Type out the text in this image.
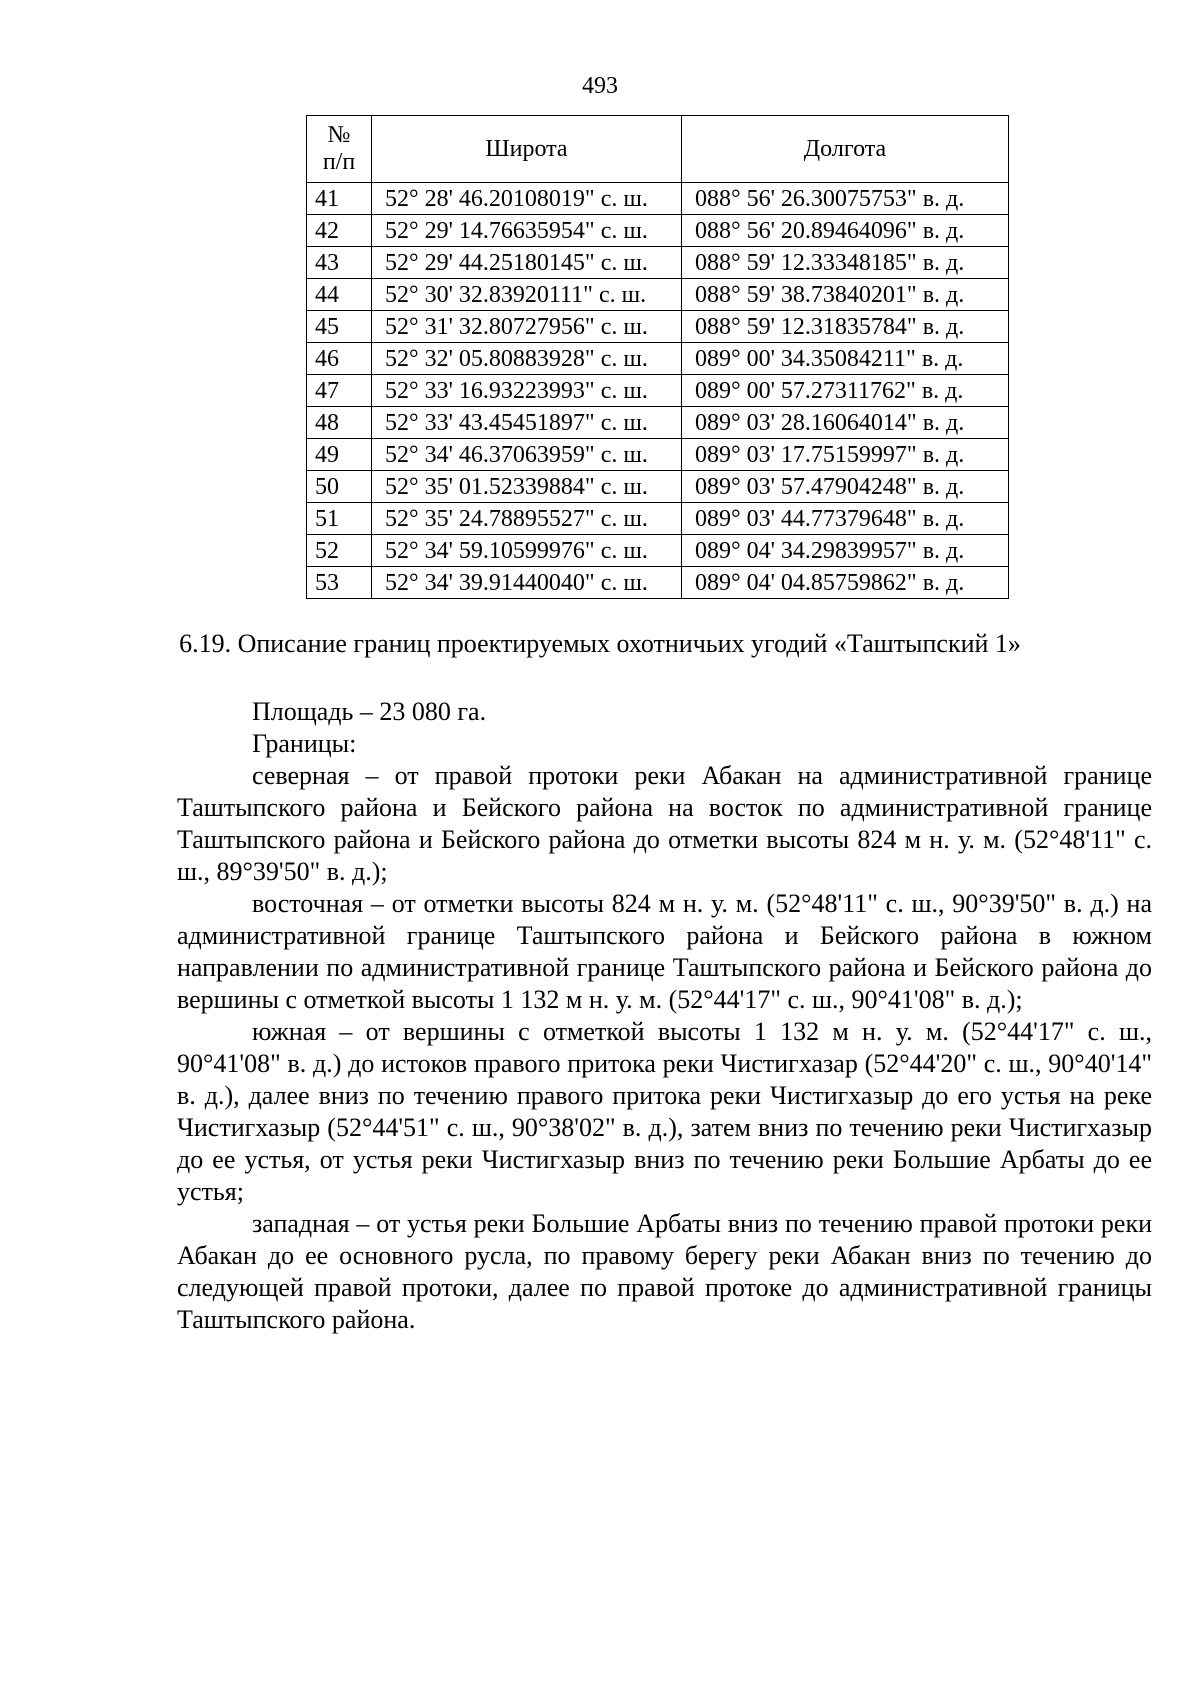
493
№
п/п	Широта	Долгота
41	52° 28' 46.20108019" с. ш.	088° 56' 26.30075753" в. д.
42	52° 29' 14.76635954" с. ш.	088° 56' 20.89464096" в. д.
43	52° 29' 44.25180145" с. ш.	088° 59' 12.33348185" в. д.
44	52° 30' 32.83920111" с. ш.	088° 59' 38.73840201" в. д.
45	52° 31' 32.80727956" с. ш.	088° 59' 12.31835784" в. д.
46	52° 32' 05.80883928" с. ш.	089° 00' 34.35084211" в. д.
47	52° 33' 16.93223993" с. ш.	089° 00' 57.27311762" в. д.
48	52° 33' 43.45451897" с. ш.	089° 03' 28.16064014" в. д.
49	52° 34' 46.37063959" с. ш.	089° 03' 17.75159997" в. д.
50	52° 35' 01.52339884" с. ш.	089° 03' 57.47904248" в. д.
51	52° 35' 24.78895527" с. ш.	089° 03' 44.77379648" в. д.
52	52° 34' 59.10599976" с. ш.	089° 04' 34.29839957" в. д.
53	52° 34' 39.91440040" с. ш.	089° 04' 04.85759862" в. д.
6.19. Описание границ проектируемых охотничьих угодий «Таштыпский 1»

Площадь – 23 080 га.

Границы:

северная – от правой протоки реки Абакан на административной границе Таштыпского района и Бейского района на восток по административной границе Таштыпского района и Бейского района до отметки высоты 824 м н. у. м. (52°48'11" с. ш., 89°39'50" в. д.);

восточная – от отметки высоты 824 м н. у. м. (52°48'11" с. ш., 90°39'50" в. д.) на административной границе Таштыпского района и Бейского района в южном направлении по административной границе Таштыпского района и Бейского района до вершины с отметкой высоты 1 132 м н. у. м. (52°44'17" с. ш., 90°41'08" в. д.);

южная – от вершины с отметкой высоты 1 132 м н. у. м. (52°44'17" с. ш., 90°41'08" в. д.) до истоков правого притока реки Чистигхазар (52°44'20" с. ш., 90°40'14" в. д.), далее вниз по течению правого притока реки Чистигхазыр до его устья на реке Чистигхазыр (52°44'51" с. ш., 90°38'02" в. д.), затем вниз по течению реки Чистигхазыр до ее устья, от устья реки Чистигхазыр вниз по течению реки Большие Арбаты до ее устья;

западная – от устья реки Большие Арбаты вниз по течению правой протоки реки Абакан до ее основного русла, по правому берегу реки Абакан вниз по течению до следующей правой протоки, далее по правой протоке до административной границы Таштыпского района.
